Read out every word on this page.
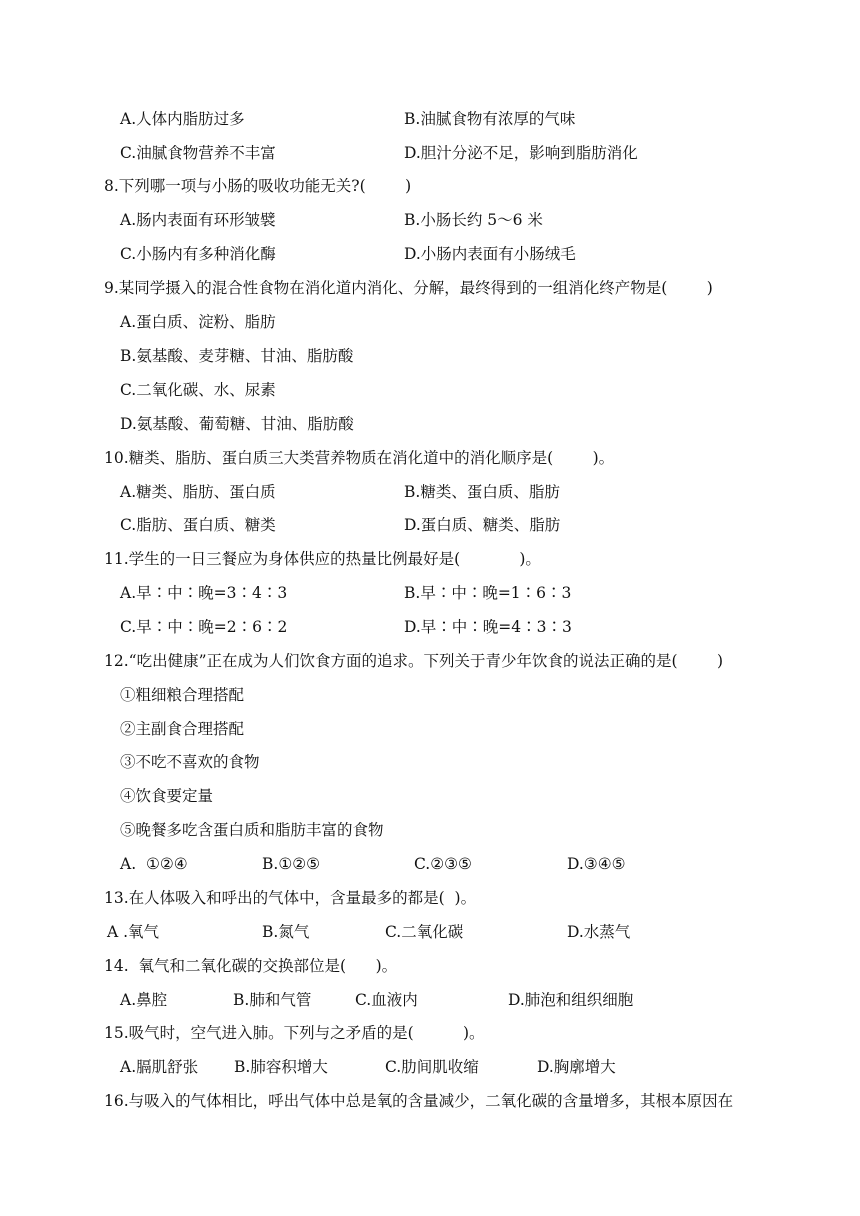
A.人体内脂肪过多	B.油腻食物有浓厚的气味
C.油腻食物营养不丰富	D.胆汁分泌不足，影响到脂肪消化
8.下列哪一项与小肠的吸收功能无关?(        )
A.肠内表面有环形皱襞	B.小肠长约 5～6 米
C.小肠内有多种消化酶	D.小肠内表面有小肠绒毛
9.某同学摄入的混合性食物在消化道内消化、分解，最终得到的一组消化终产物是(        )
A.蛋白质、淀粉、脂肪
B.氨基酸、麦芽糖、甘油、脂肪酸
C.二氧化碳、水、尿素
D.氨基酸、葡萄糖、甘油、脂肪酸
10.糖类、脂肪、蛋白质三大类营养物质在消化道中的消化顺序是(        )。
A.糖类、脂肪、蛋白质	B.糖类、蛋白质、脂肪
C.脂肪、蛋白质、糖类	D.蛋白质、糖类、脂肪
11.学生的一日三餐应为身体供应的热量比例最好是(            )。
A.早∶中∶晚=3∶4∶3	B.早∶中∶晚=1∶6∶3
C.早∶中∶晚=2∶6∶2	D.早∶中∶晚=4∶3∶3
12.“吃出健康”正在成为人们饮食方面的追求。下列关于青少年饮食的说法正确的是(        )
①粗细粮合理搭配
②主副食合理搭配
③不吃不喜欢的食物
④饮食要定量
⑤晚餐多吃含蛋白质和脂肪丰富的食物
A.  ①②④	B.①②⑤	C.②③⑤	D.③④⑤
13.在人体吸入和呼出的气体中，含量最多的都是(  )。
A .氧气	B.氮气	C.二氧化碳	D.水蒸气
14.  氧气和二氧化碳的交换部位是(      )。
A.鼻腔	B.肺和气管	C.血液内	D.肺泡和组织细胞
15.吸气时，空气进入肺。下列与之矛盾的是(          )。
A.膈肌舒张 B.肺容积增大	C.肋间肌收缩	D.胸廓增大
16.与吸入的气体相比，呼出气体中总是氧的含量减少，二氧化碳的含量增多，其根本原因在
